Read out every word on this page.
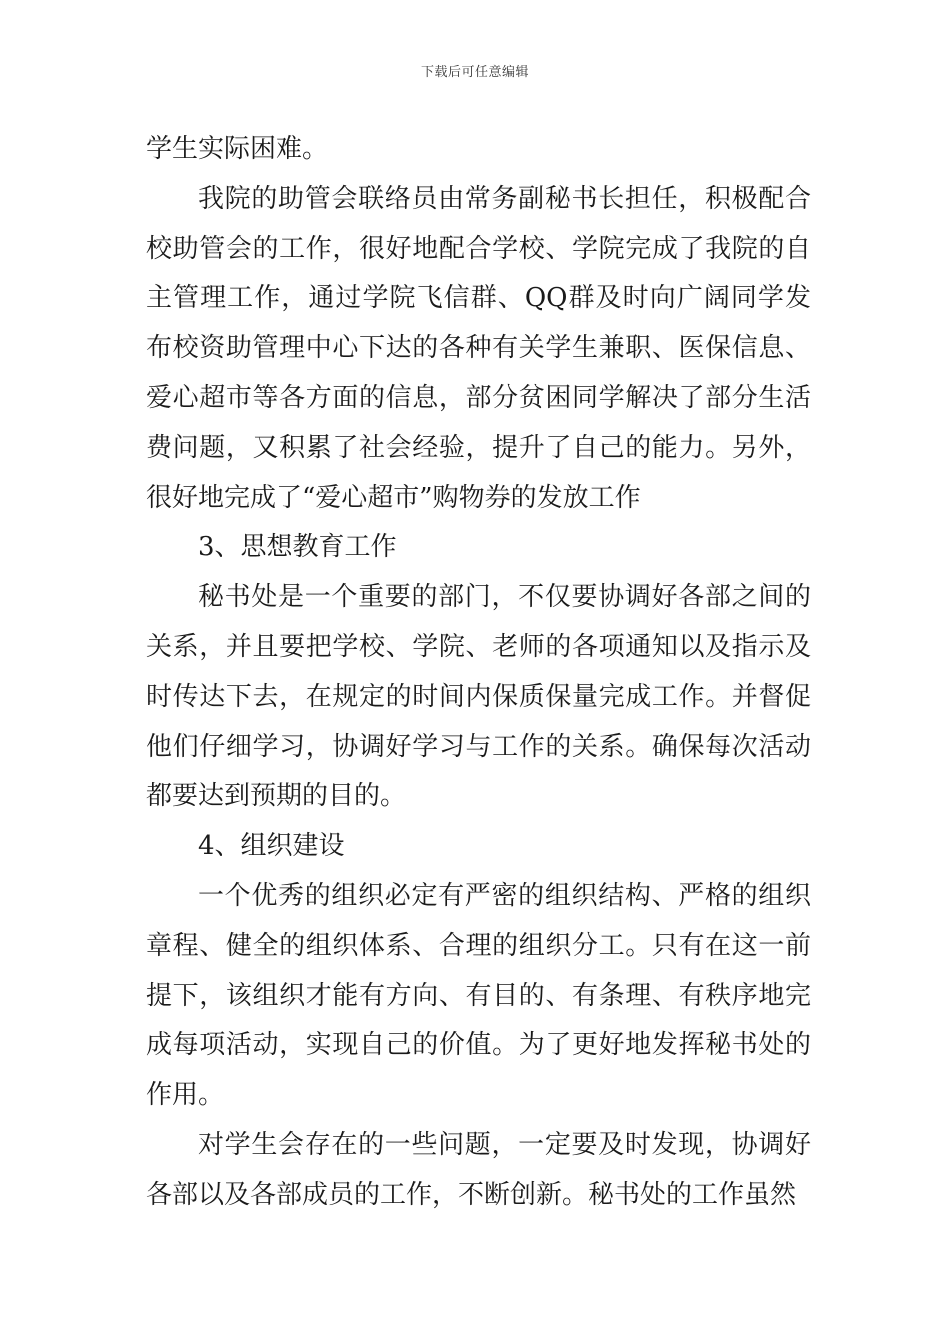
下载后可任意编辑

学生实际困难。

我院的助管会联络员由常务副秘书长担任，积极配合校助管会的工作，很好地配合学校、学院完成了我院的自主管理工作，通过学院飞信群、QQ群及时向广阔同学发布校资助管理中心下达的各种有关学生兼职、医保信息、爱心超市等各方面的信息，部分贫困同学解决了部分生活费问题，又积累了社会经验，提升了自己的能力。另外，很好地完成了“爱心超市”购物券的发放工作

3、思想教育工作

秘书处是一个重要的部门，不仅要协调好各部之间的关系，并且要把学校、学院、老师的各项通知以及指示及时传达下去，在规定的时间内保质保量完成工作。并督促他们仔细学习，协调好学习与工作的关系。确保每次活动都要达到预期的目的。

4、组织建设

一个优秀的组织必定有严密的组织结构、严格的组织章程、健全的组织体系、合理的组织分工。只有在这一前提下，该组织才能有方向、有目的、有条理、有秩序地完成每项活动，实现自己的价值。为了更好地发挥秘书处的作用。

对学生会存在的一些问题，一定要及时发现，协调好各部以及各部成员的工作，不断创新。秘书处的工作虽然
